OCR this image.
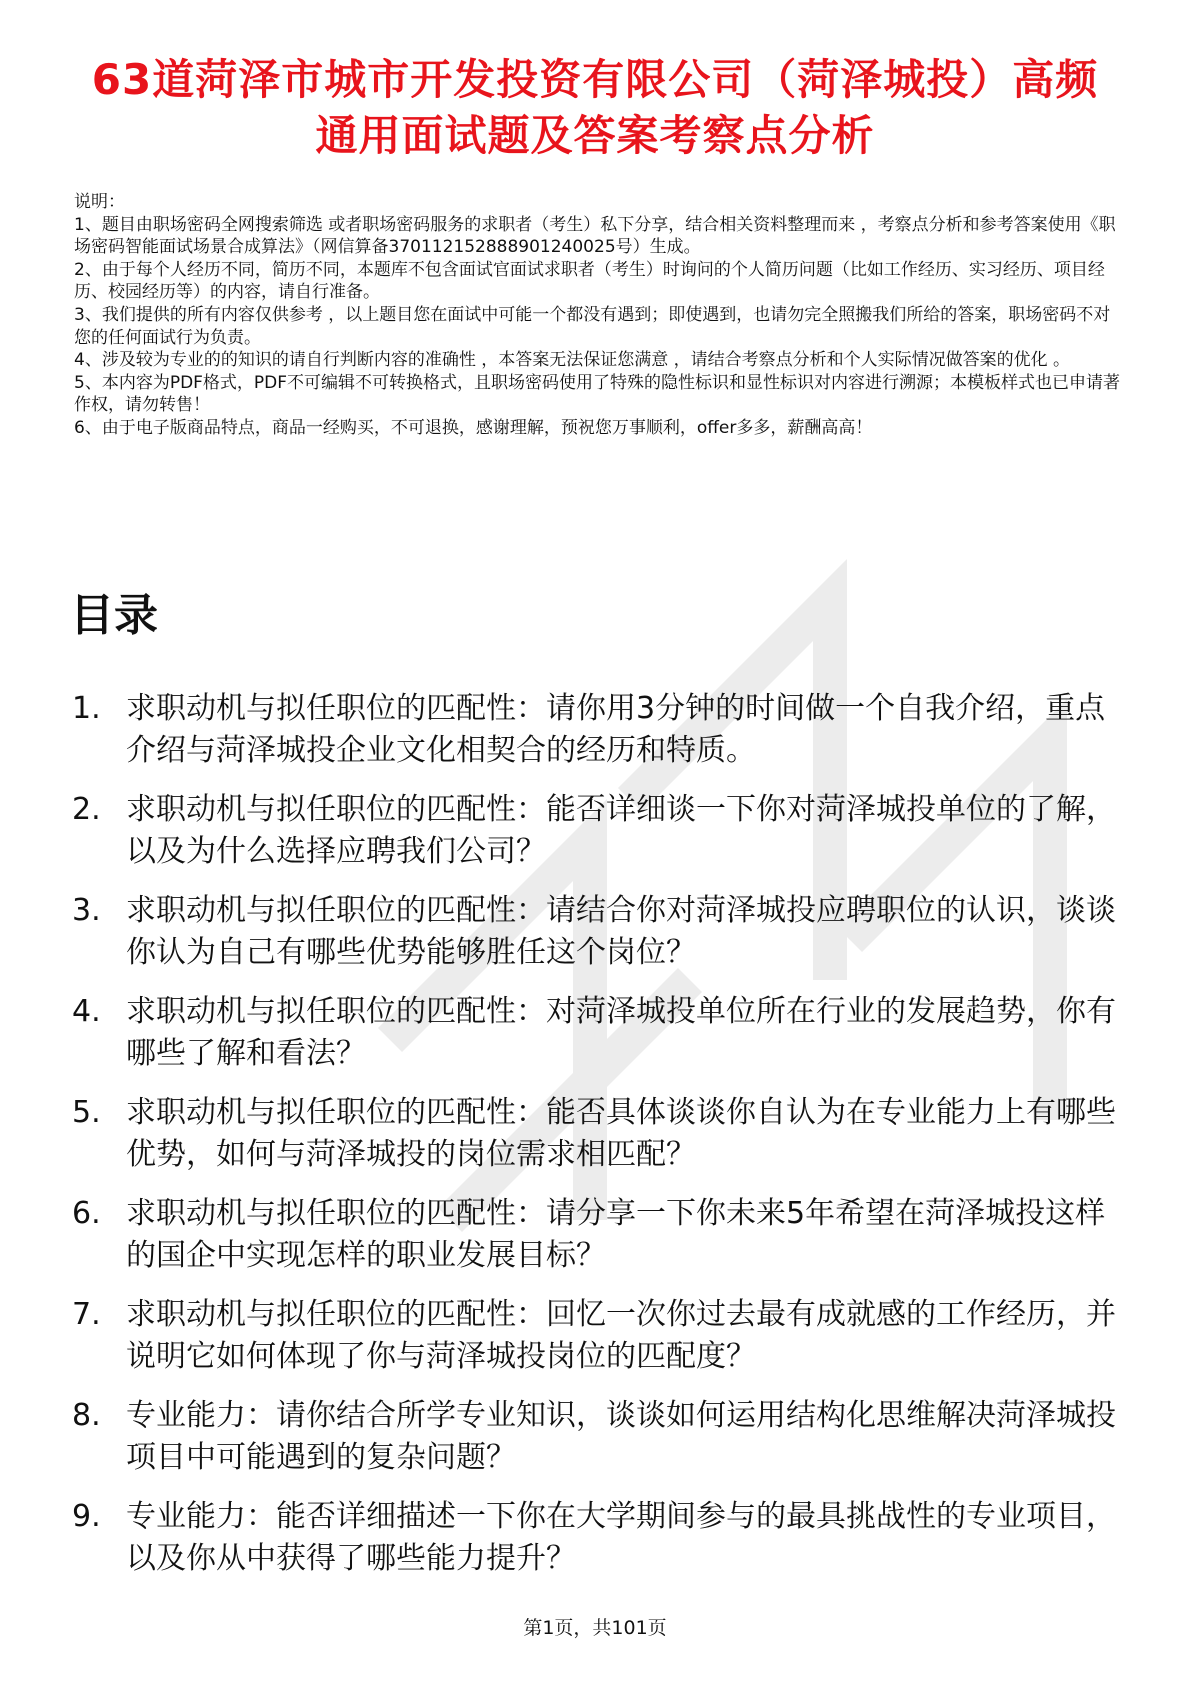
63道菏泽市城市开发投资有限公司（菏泽城投）高频通用面试题及答案考察点分析

说明：

1、题目由职场密码全网搜索筛选 或者职场密码服务的求职者（考生）私下分享，结合相关资料整理而来 ，考察点分析和参考答案使用《职场密码智能面试场景合成算法》（网信算备370112152888901240025号）生成。

2、由于每个人经历不同，简历不同，本题库不包含面试官面试求职者（考生）时询问的个人简历问题（比如工作经历、实习经历、项目经历、校园经历等）的内容，请自行准备。

3、我们提供的所有内容仅供参考 ，以上题目您在面试中可能一个都没有遇到；即使遇到，也请勿完全照搬我们所给的答案，职场密码不对您的任何面试行为负责。

4、涉及较为专业的的知识的请自行判断内容的准确性 ，本答案无法保证您满意 ，请结合考察点分析和个人实际情况做答案的优化 。

5、本内容为PDF格式，PDF不可编辑不可转换格式，且职场密码使用了特殊的隐性标识和显性标识对内容进行溯源；本模板样式也已申请著作权，请勿转售！

6、由于电子版商品特点，商品一经购买，不可退换，感谢理解，预祝您万事顺利，offer多多，薪酬高高！

目录
1. 求职动机与拟任职位的匹配性：请你用3分钟的时间做一个自我介绍，重点介绍与菏泽城投企业文化相契合的经历和特质。
2. 求职动机与拟任职位的匹配性：能否详细谈一下你对菏泽城投单位的了解，以及为什么选择应聘我们公司？
3. 求职动机与拟任职位的匹配性：请结合你对菏泽城投应聘职位的认识，谈谈你认为自己有哪些优势能够胜任这个岗位？
4. 求职动机与拟任职位的匹配性：对菏泽城投单位所在行业的发展趋势，你有哪些了解和看法？
5. 求职动机与拟任职位的匹配性：能否具体谈谈你自认为在专业能力上有哪些优势，如何与菏泽城投的岗位需求相匹配？
6. 求职动机与拟任职位的匹配性：请分享一下你未来5年希望在菏泽城投这样的国企中实现怎样的职业发展目标？
7. 求职动机与拟任职位的匹配性：回忆一次你过去最有成就感的工作经历，并说明它如何体现了你与菏泽城投岗位的匹配度？
8. 专业能力：请你结合所学专业知识，谈谈如何运用结构化思维解决菏泽城投项目中可能遇到的复杂问题？
9. 专业能力：能否详细描述一下你在大学期间参与的最具挑战性的专业项目，以及你从中获得了哪些能力提升？
第1页，共101页
